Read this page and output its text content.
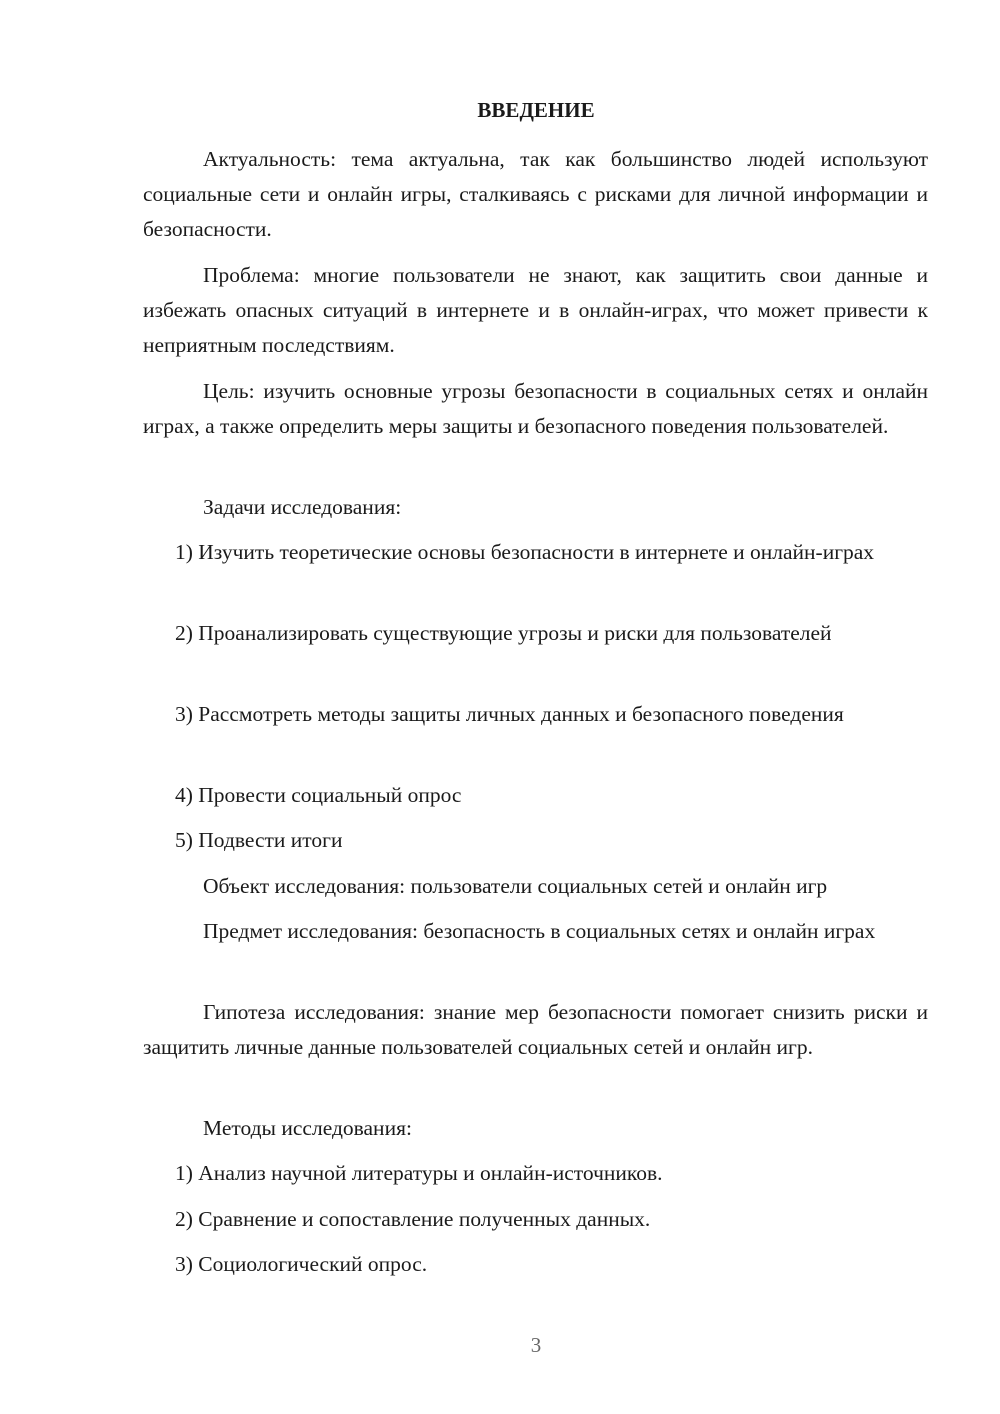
ВВЕДЕНИЕ

Актуальность: тема актуальна, так как большинство людей используют социальные сети и онлайн игры, сталкиваясь с рисками для личной информации и безопасности.

Проблема: многие пользователи не знают, как защитить свои данные и избежать опасных ситуаций в интернете и в онлайн-играх, что может привести к неприятным последствиям.

Цель: изучить основные угрозы безопасности в социальных сетях и онлайн играх, а также определить меры защиты и безопасного поведения пользователей.

Задачи исследования:

1) Изучить теоретические основы безопасности в интернете и онлайн-играх

2) Проанализировать существующие угрозы и риски для пользователей

3) Рассмотреть методы защиты личных данных и безопасного поведения

4) Провести социальный опрос

5) Подвести итоги

Объект исследования: пользователи социальных сетей и онлайн игр

Предмет исследования: безопасность в социальных сетях и онлайн играх

Гипотеза исследования: знание мер безопасности помогает снизить риски и защитить личные данные пользователей социальных сетей и онлайн игр.

Методы исследования:

1) Анализ научной литературы и онлайн-источников.

2) Сравнение и сопоставление полученных данных.

3) Социологический опрос.

3
